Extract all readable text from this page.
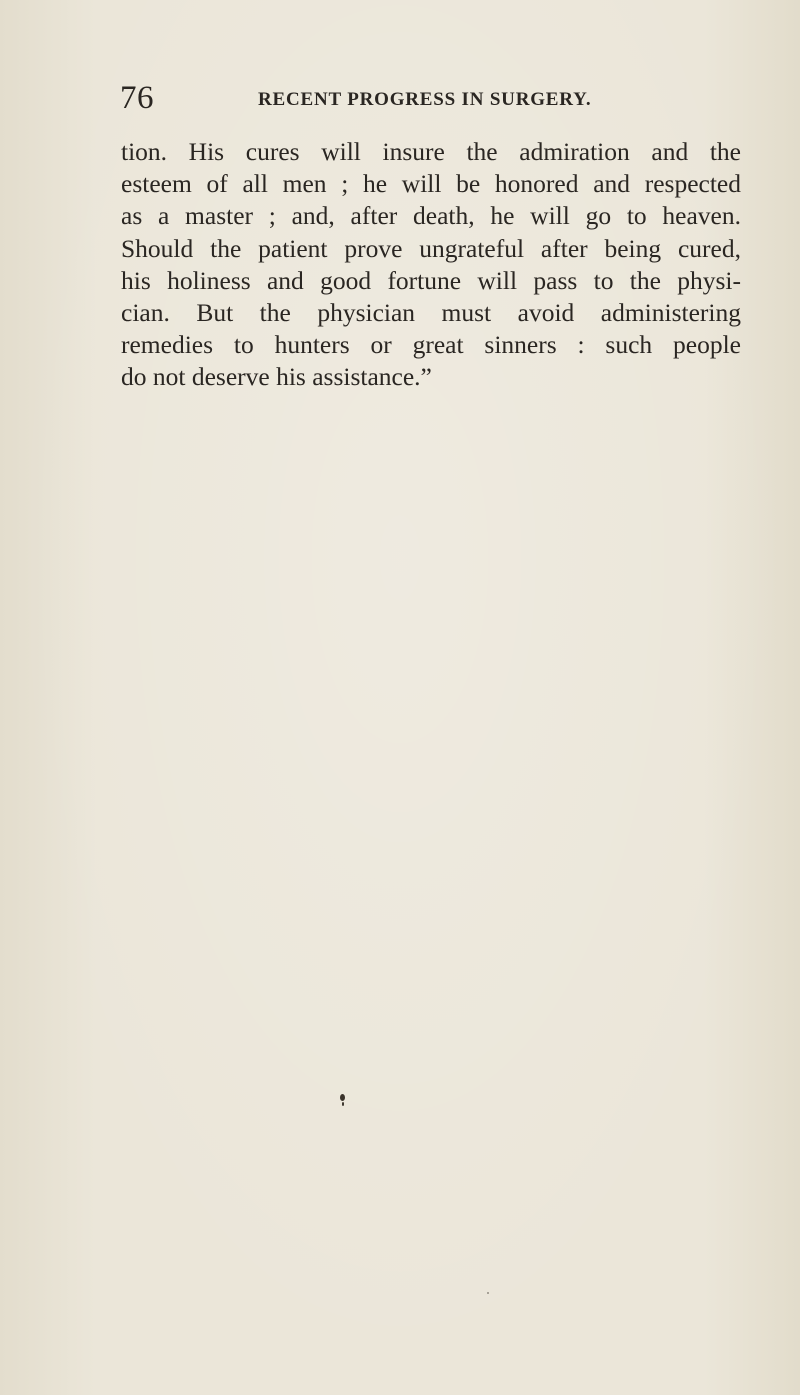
76	RECENT PROGRESS IN SURGERY.
tion. His cures will insure the admiration and the
esteem of all men ; he will be honored and respected
as a master ; and, after death, he will go to heaven.
Should the patient prove ungrateful after being cured,
his holiness and good fortune will pass to the physi-
cian. But the physician must avoid administering
remedies to hunters or great sinners : such people
do not deserve his assistance.”
